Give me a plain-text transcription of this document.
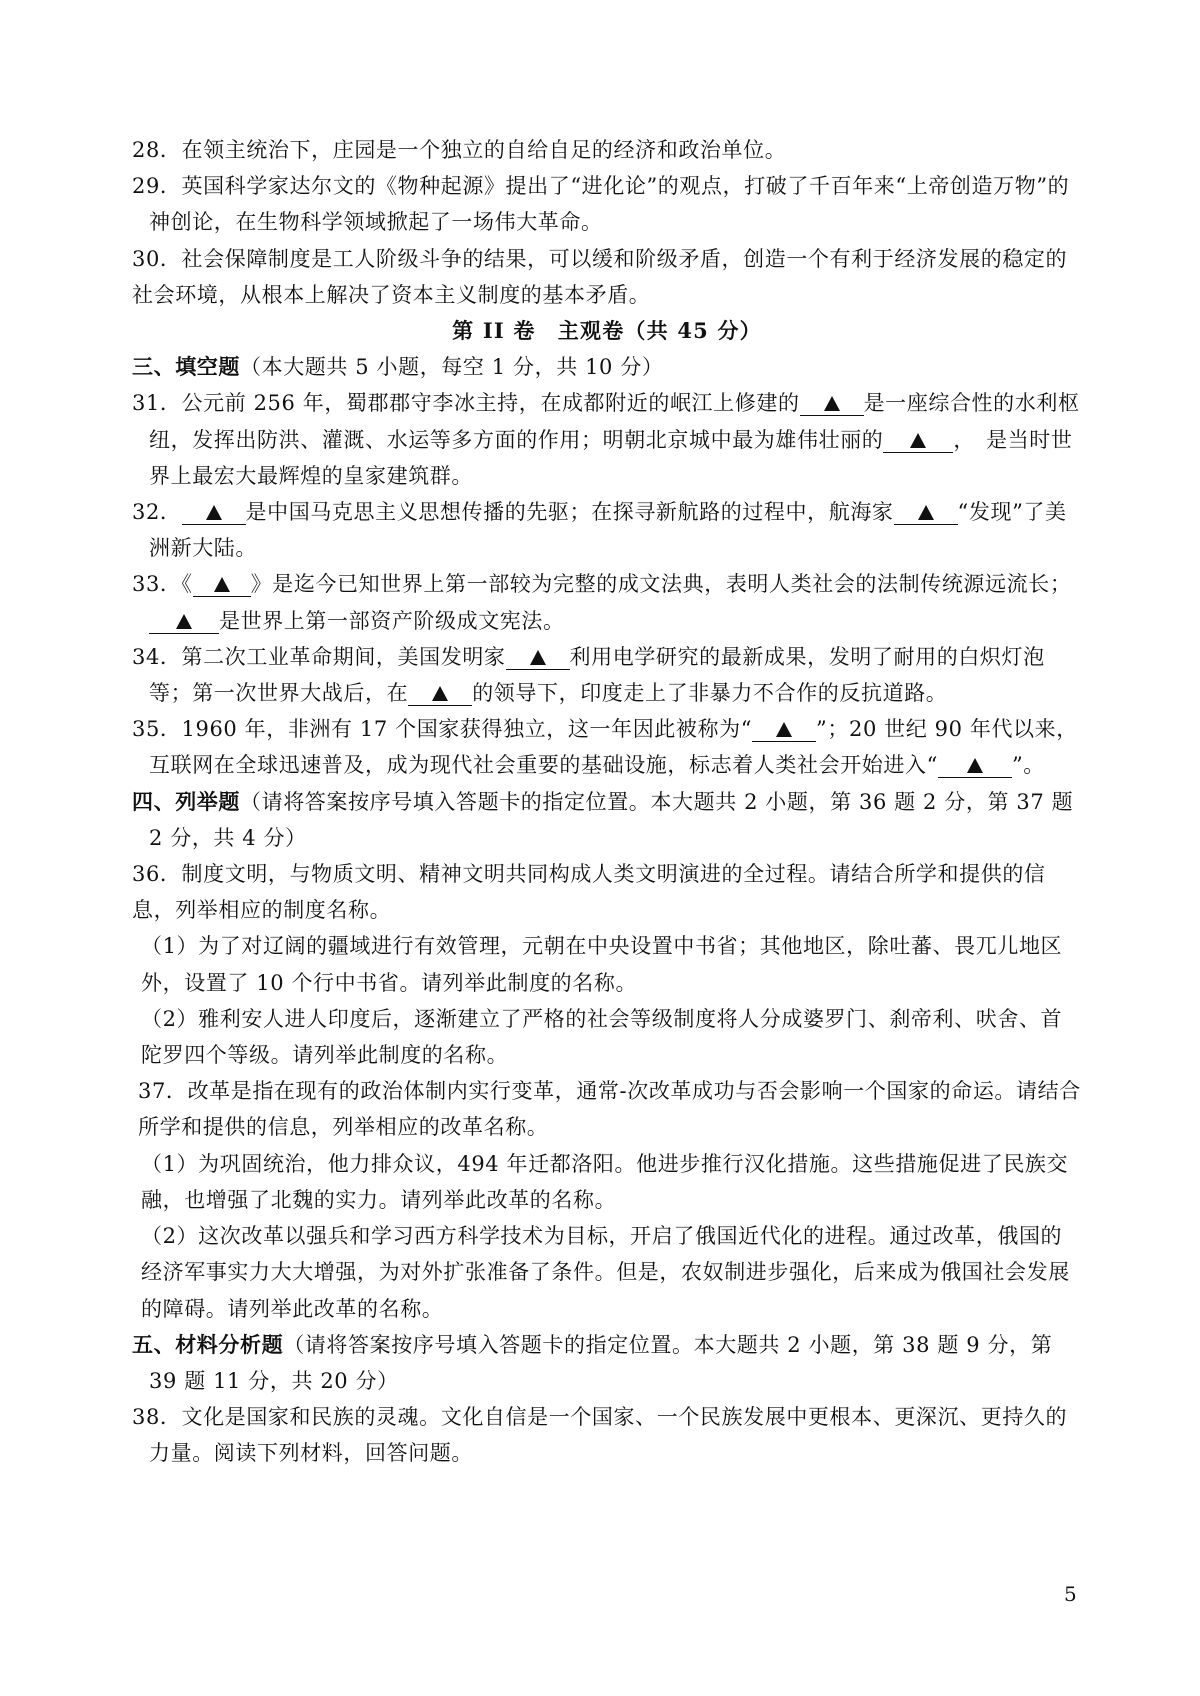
28．在领主统治下，庄园是一个独立的自给自足的经济和政治单位。

29．英国科学家达尔文的《物种起源》提出了“进化论”的观点，打破了千百年来“上帝创造万物”的神创论，在生物科学领域掀起了一场伟大革命。

30．社会保障制度是工人阶级斗争的结果，可以缓和阶级矛盾，创造一个有利于经济发展的稳定的社会环境，从根本上解决了资本主义制度的基本矛盾。

第 II 卷　主观卷（共 45 分）

三、填空题（本大题共 5 小题，每空 1 分，共 10 分）

31．公元前 256 年，蜀郡郡守李冰主持，在成都附近的岷江上修建的	是一座综合性的水利枢纽，发挥出防洪、灌溉、水运等多方面的作用；明朝北京城中最为雄伟壮丽的	，　是当时世界上最宏大最辉煌的皇家建筑群。

32．	是中国马克思主义思想传播的先驱；在探寻新航路的过程中，航海家	“发现”了美洲新大陆。

33．《	》是迄今已知世界上第一部较为完整的成文法典，表明人类社会的法制传统源远流长；是世界上第一部资产阶级成文宪法。

34．第二次工业革命期间，美国发明家	利用电学研究的最新成果，发明了耐用的白炽灯泡等；第一次世界大战后，在	的领导下，印度走上了非暴力不合作的反抗道路。

35．1960 年，非洲有 17 个国家获得独立，这一年因此被称为“	”；20 世纪 90 年代以来，互联网在全球迅速普及，成为现代社会重要的基础设施，标志着人类社会开始进入“	”。

四、列举题（请将答案按序号填入答题卡的指定位置。本大题共 2 小题，第 36 题 2 分，第 37 题 2 分，共 4 分）

36．制度文明，与物质文明、精神文明共同构成人类文明演进的全过程。请结合所学和提供的信息，列举相应的制度名称。

（1）为了对辽阔的疆域进行有效管理，元朝在中央设置中书省；其他地区，除吐蕃、畏兀儿地区外，设置了 10 个行中书省。请列举此制度的名称。

（2）雅利安人进人印度后，逐渐建立了严格的社会等级制度将人分成婆罗门、刹帝利、吠舍、首陀罗四个等级。请列举此制度的名称。

37．改革是指在现有的政治体制内实行变革，通常-次改革成功与否会影响一个国家的命运。请结合所学和提供的信息，列举相应的改革名称。

（1）为巩固统治，他力排众议，494 年迁都洛阳。他进步推行汉化措施。这些措施促进了民族交融，也增强了北魏的实力。请列举此改革的名称。

（2）这次改革以强兵和学习西方科学技术为目标，开启了俄国近代化的进程。通过改革，俄国的经济军事实力大大增强，为对外扩张准备了条件。但是，农奴制进步强化，后来成为俄国社会发展的障碍。请列举此改革的名称。

五、材料分析题（请将答案按序号填入答题卡的指定位置。本大题共 2 小题，第 38 题 9 分，第 39 题 11 分，共 20 分）

38．文化是国家和民族的灵魂。文化自信是一个国家、一个民族发展中更根本、更深沉、更持久的力量。阅读下列材料，回答问题。

5
